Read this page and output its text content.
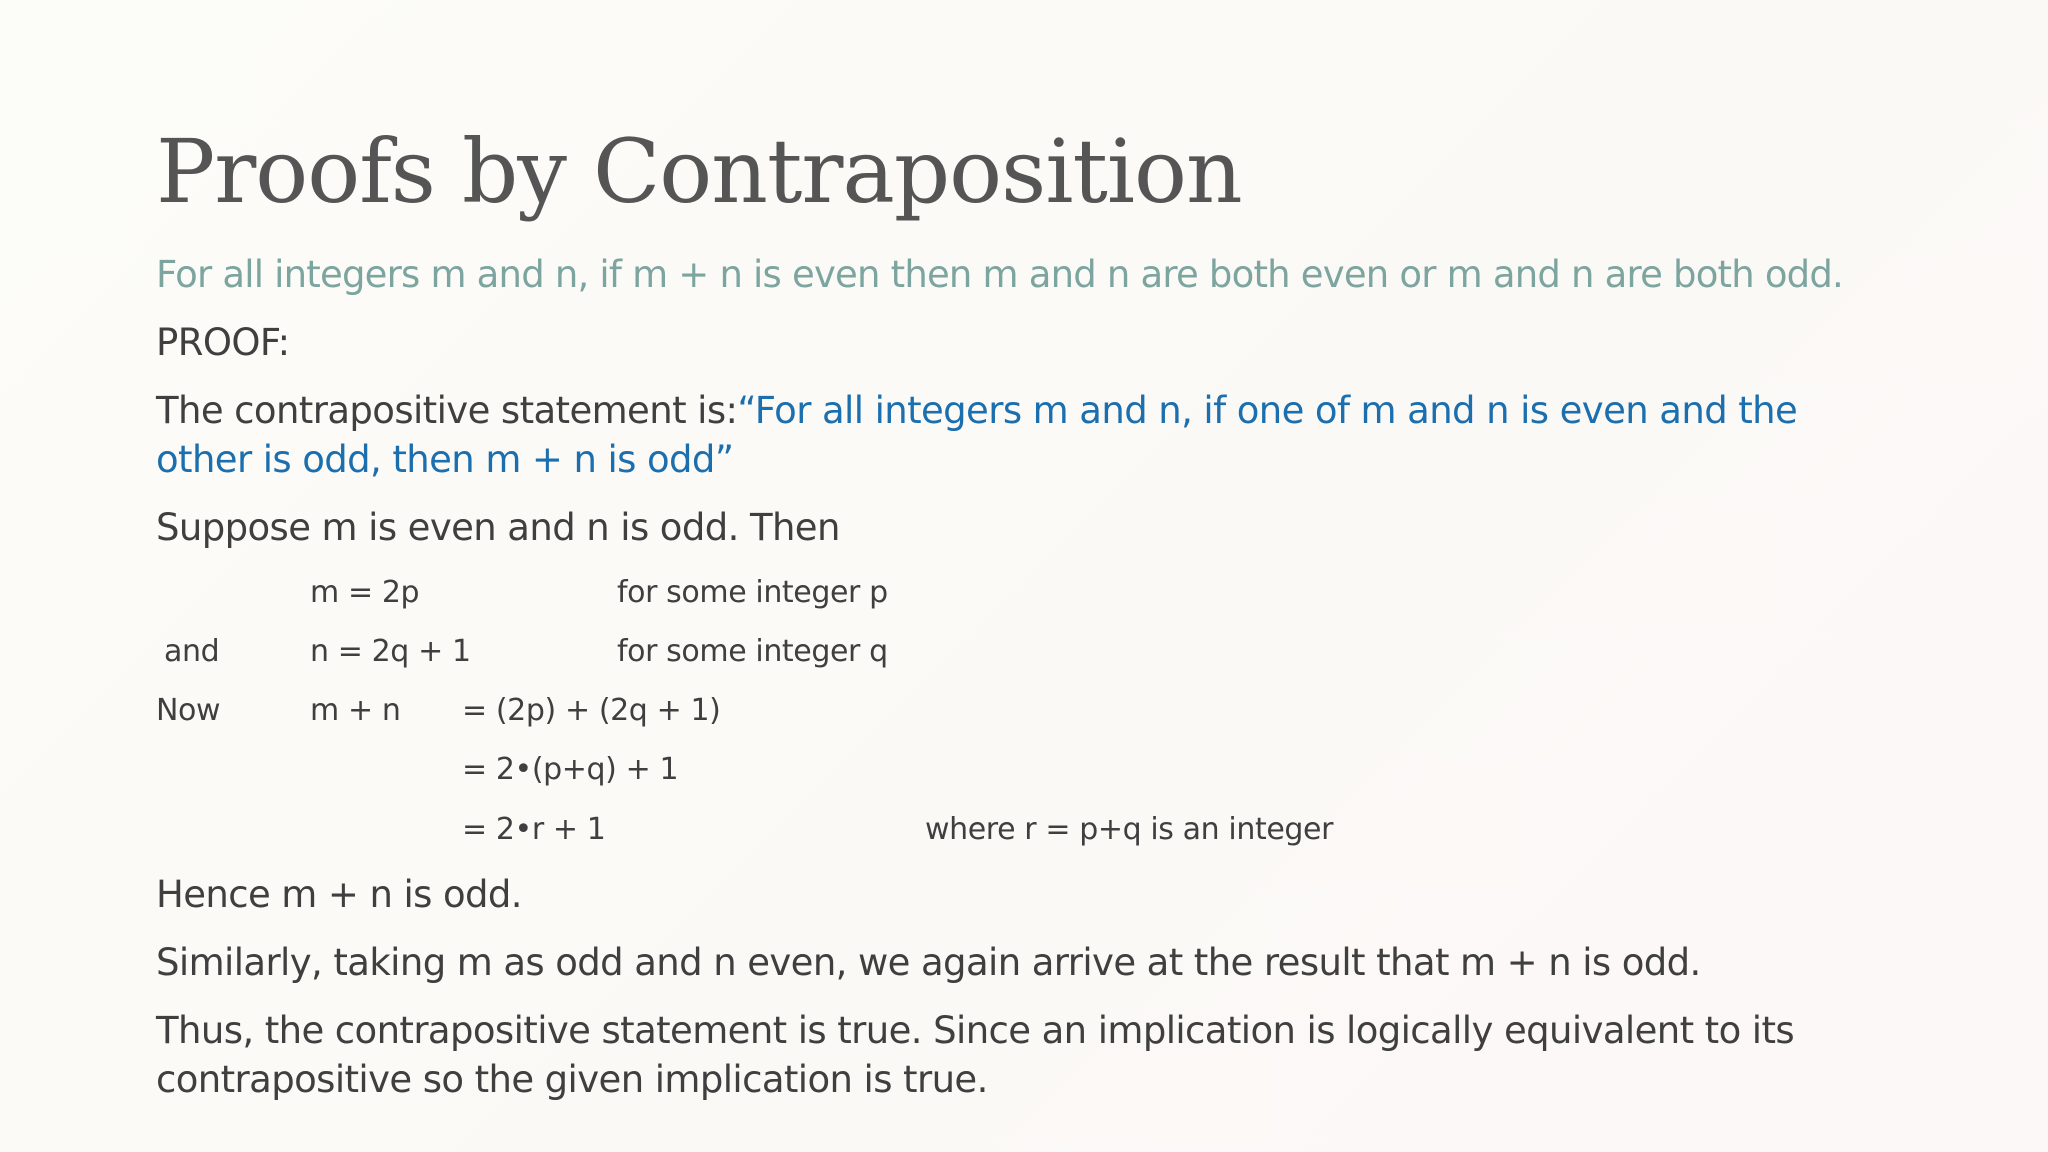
Proofs by Contraposition
For all integers m and n, if m + n is even then m and n are both even or m and n are both odd.
PROOF:
The contrapositive statement is:“For all integers m and n, if one of m and n is even and the
other is odd, then m + n is odd”
Suppose m is even and n is odd. Then
m = 2p	for some integer p
and	n = 2q + 1	for some integer q
Now	m + n = (2p) + (2q + 1)
= 2•(p+q) + 1
= 2•r + 1	where r = p+q is an integer
Hence m + n is odd.
Similarly, taking m as odd and n even, we again arrive at the result that m + n is odd.
Thus, the contrapositive statement is true. Since an implication is logically equivalent to its
contrapositive so the given implication is true.
